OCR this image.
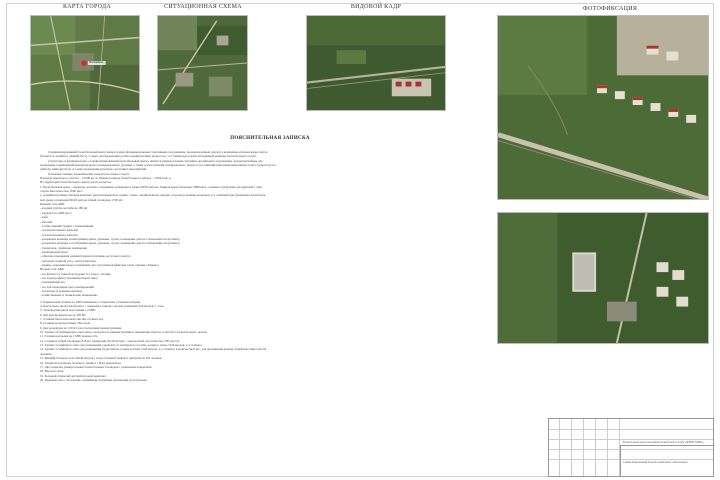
КАРТА ГОРОДА	СИТУАЦИОННАЯ СХЕМА	ВИДОВОЙ КАДР	ФОТОФИКСАЦИЯ
Московская
ПОЯСНИТЕЛЬНАЯ ЗАПИСКА

Специализированный баскетбольный центр является многофункциональным спортивным сооружением, предназначенным для игр в командные игровые виды спорта

(баскетбол, волейбол, минифутбол), а также для проведения учебно-тренировочных процессов с составами взрослой и молодёжной команды баскетбольного клуба.

Структурно и функционально «Специализированный баскетбольный центр» является универсальным спортивно-зрелищным сооружением, предназначенным для

проведения соревнований международного и национального уровней, а также осуществления тренировочного процесса по олимпийским командным видам спорта баскетболу, во-

лейболу, мини-футболу. А также проведения культурно-досуговых мероприятий.

Основные технико-экономические показатели объекта спорта

Площадь земельного участка – 74 008 кв. м, Общая площадь баскетбольного центра – 3 864,0 кв. м

На территории баскетбольного центра располагаются:

1. Баскетбольная арена – каркасно-зентовое сооружение размерами в плане 60х30 метров. Главная арена площадью 3080 кв.м. оснащена трибунами для зрителей с трёх

сторон вместимостью 3000 мест

2. Административно-бытовой комплекс (металлокаркасное здание, стены- сендвичпанели, наружн стороны (основные материал) 2-х этажный пристроенный к баскетболь-

ной арене, размерами 60х18 метров общей площадью 1728 м2.

Первый этаж АБК:

- входная группа, вестибюль 180 м2

- гардероб на 2000 мест;

- кафе

- магазин

- стойка администрации с помещениями

- туалетная комната мужская

- туалетная комната женская

- раздевалка команды хозяев (инвентарная, душевые, туалет, помещение для восстановления спортсмена)

- раздевалка команды гостей (инвентарная, душевые, туалет, помещение для восстановления спортсмена)

- тренерская, судейские помещения

- медицинский пункт

- офисные помещения администрации спортивно-досугового центра

- тепловой, водяной узел, электрощитовая,

- медико-оздоровительное помещение для спортсменов (финская сауна, парные «Хамам»)

Второй этаж АБК:

- зал фитнеса и единоборств (ринг и 2 зоны с татами)

- зал хореографии (спортивная гимнастика)

- тренажёрный зал

- зал для проведения пресс-конференций

- туалетные и душевые комнаты

- хозяйственные и технические помещения.

3. Парковочная стоянка на 1000 машиномест, покрытием отсевным заборки.

4. Контрольно-пропускной пункт с северной и южной стороны размерами 6х6 метров, 1 этаж.

5. Трансформаторная подстанция 1,2 МВт.

6. Два дизельгенератора по 300 Вт.

7. Станция биологической очистки сточных вод.

8. Станция водоподготовки. Насосная.

9. Два резервуара по 150 м3 для обеспечения пожаротушения.

10. Здание обслуживающего персонала, складское и административное помещения. Баня на 2 автобуса баскетбольного центра.

11. Газовая котельная на 2 МВт мощьности.

12. Стоянная общей площадью 818 м2, размерами 45х18 метров, с пропускной способностью 300 чел/сут.

13. Здание гостиничного типа для размещения судейского и тренерского состава, размер в плане 12х9 метров, 2-х этажное.

14. Здание гостиничного типа для размещения спортсменов, размер в плане 12х9 метров, 2-х этажное, в количестве 8 шт., для проживания команд общей вместимостью 64

человека.

15. Минифутбольное поле 60х40 метров с искусственной травой и трибуной на 250 человек.

16. Открытая площадка большого тенниса с Hard покрытием.

17. Две открытые универсальные баскетбольные площадки с резиновым покрытием.

18. Вертолет зона.

19. Большой открытый детский игровой комплекс.

20. Парковая зона с беседками, скамейками, клумбами, фонтанами и тротуарами.

Баскетбольная арена наполнения баскетбольного клуба «ЗЕНИТ ПЛЮС»
Специализированный баскетбольный центр «Московская»
